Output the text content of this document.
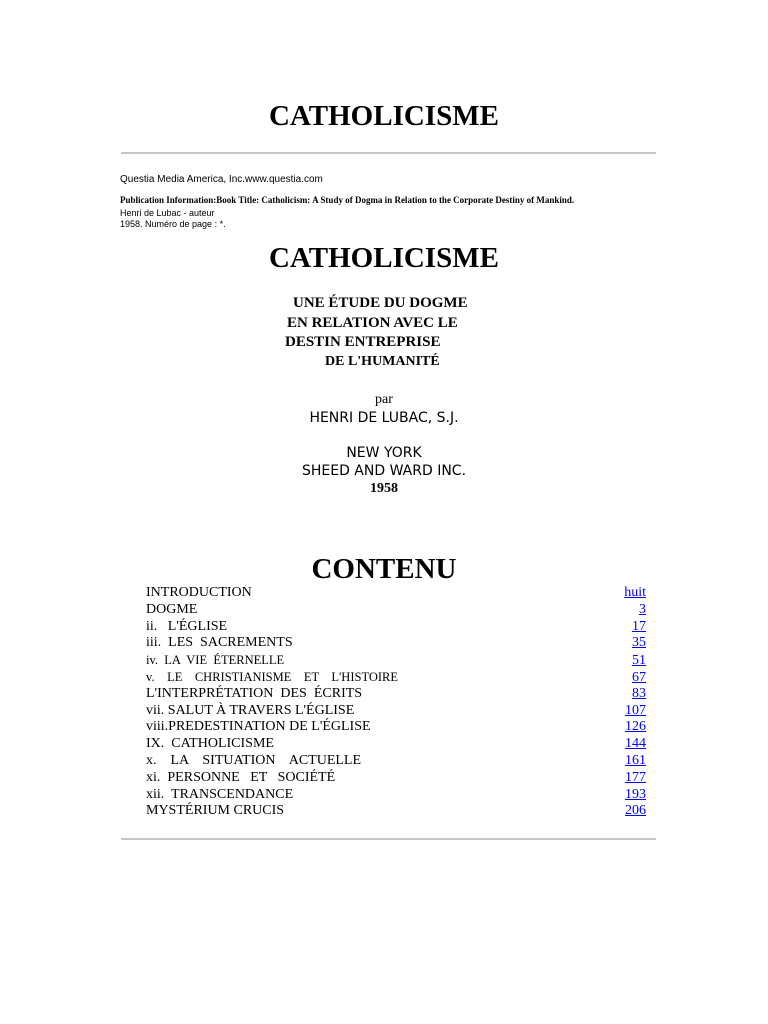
CATHOLICISME
Questia Media America, Inc.www.questia.com
Publication Information:Book Title: Catholicism: A Study of Dogma in Relation to the Corporate Destiny of Mankind.
Henri de Lubac - auteur
1958. Numéro de page : *.
CATHOLICISME
UNE ÉTUDE DU DOGME
EN RELATION AVEC LE
DESTIN ENTREPRISE
DE L'HUMANITÉ
par
HENRI DE LUBAC, S.J.
NEW YORK
SHEED AND WARD INC.
1958
CONTENU
INTRODUCTION	huit
DOGME	3
ii.   L'ÉGLISE	17
iii.  LES  SACREMENTS	35
iv.  LA  VIE  ÉTERNELLE	51
v.    LE    CHRISTIANISME    ET    L'HISTOIRE	67
L'INTERPRÉTATION  DES  ÉCRITS	83
vii. SALUT À TRAVERS L'ÉGLISE	107
viii.PREDESTINATION DE L'ÉGLISE	126
IX.  CATHOLICISME	144
x.    LA    SITUATION    ACTUELLE	161
xi.  PERSONNE   ET   SOCIÉTÉ	177
xii.  TRANSCENDANCE	193
MYSTÉRIUM CRUCIS	206
